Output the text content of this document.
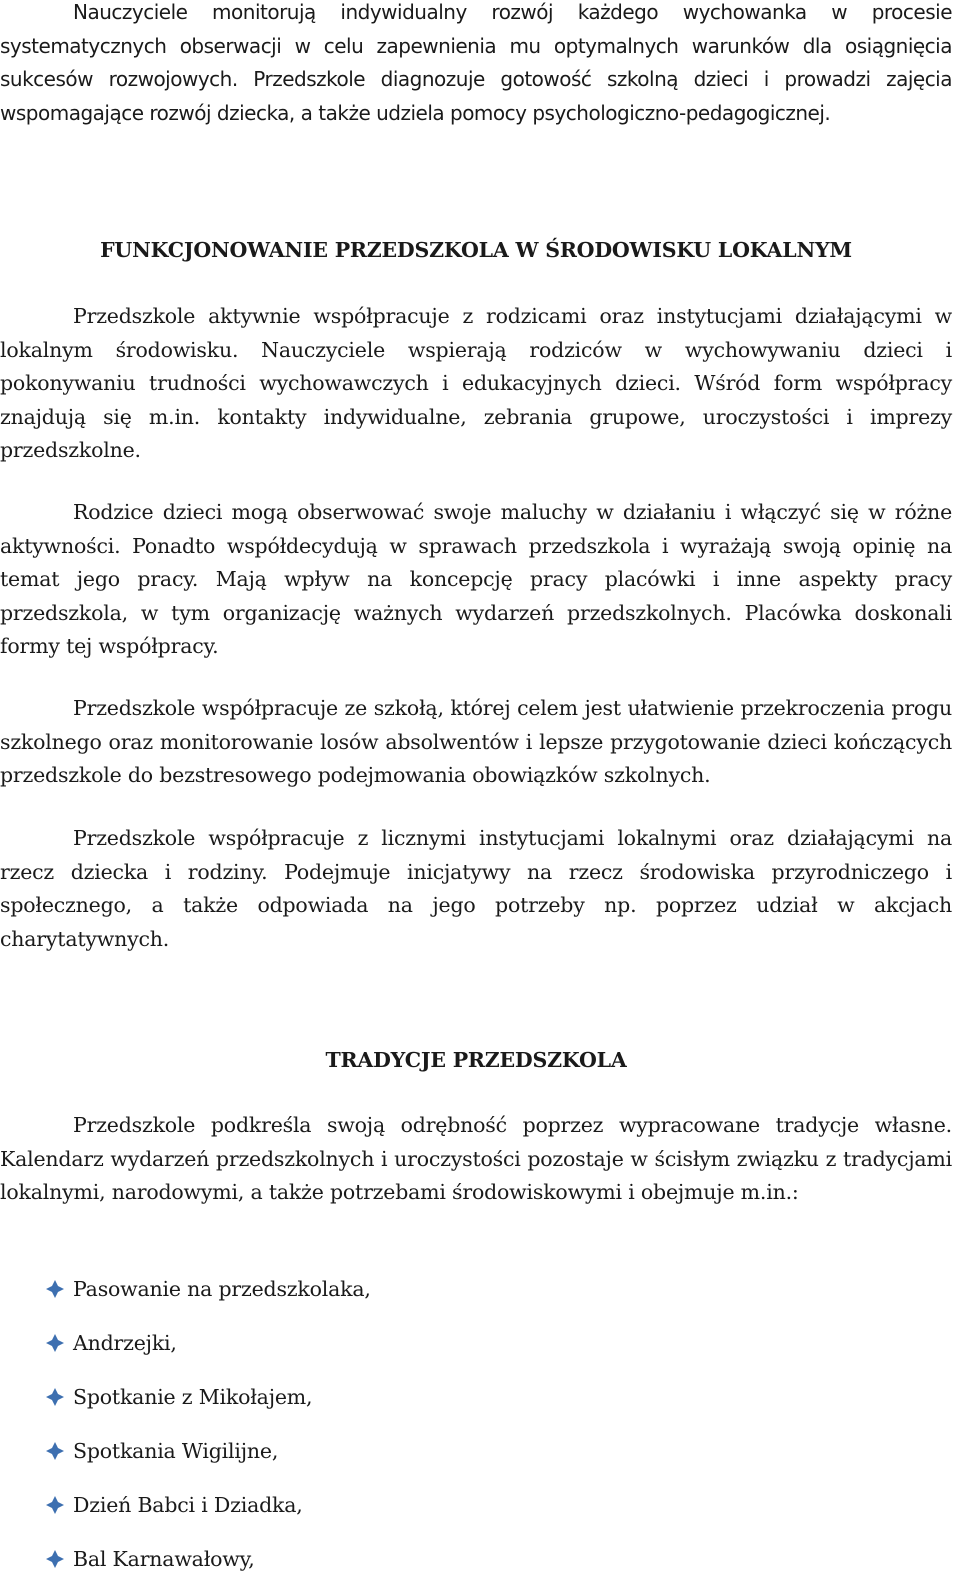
Nauczyciele monitorują indywidualny rozwój każdego wychowanka w procesie systematycznych obserwacji w celu zapewnienia mu optymalnych warunków dla osiągnięcia sukcesów rozwojowych. Przedszkole diagnozuje gotowość szkolną dzieci i prowadzi zajęcia wspomagające rozwój dziecka, a także udziela pomocy psychologiczno-pedagogicznej.

FUNKCJONOWANIE PRZEDSZKOLA W ŚRODOWISKU LOKALNYM

Przedszkole aktywnie współpracuje z rodzicami oraz instytucjami działającymi w lokalnym środowisku. Nauczyciele wspierają rodziców w wychowywaniu dzieci i pokonywaniu trudności wychowawczych i edukacyjnych dzieci. Wśród form współpracy znajdują się m.in. kontakty indywidualne, zebrania grupowe, uroczystości i imprezy przedszkolne.

Rodzice dzieci mogą obserwować swoje maluchy w działaniu i włączyć się w różne aktywności. Ponadto współdecydują w sprawach przedszkola i wyrażają swoją opinię na temat jego pracy. Mają wpływ na koncepcję pracy placówki i inne aspekty pracy przedszkola, w tym organizację ważnych wydarzeń przedszkolnych. Placówka doskonali formy tej współpracy.

Przedszkole współpracuje ze szkołą, której celem jest ułatwienie przekroczenia progu szkolnego oraz monitorowanie losów absolwentów i lepsze przygotowanie dzieci kończących przedszkole do bezstresowego podejmowania obowiązków szkolnych.

Przedszkole współpracuje z licznymi instytucjami lokalnymi oraz działającymi na rzecz dziecka i rodziny. Podejmuje inicjatywy na rzecz środowiska przyrodniczego i społecznego, a także odpowiada na jego potrzeby np. poprzez udział w akcjach charytatywnych.

TRADYCJE PRZEDSZKOLA

Przedszkole podkreśla swoją odrębność poprzez wypracowane tradycje własne. Kalendarz wydarzeń przedszkolnych i uroczystości pozostaje w ścisłym związku z tradycjami lokalnymi, narodowymi, a także potrzebami środowiskowymi i obejmuje m.in.:

Pasowanie na przedszkolaka,
Andrzejki,
Spotkanie z Mikołajem,
Spotkania Wigilijne,
Dzień Babci i Dziadka,
Bal Karnawałowy,
